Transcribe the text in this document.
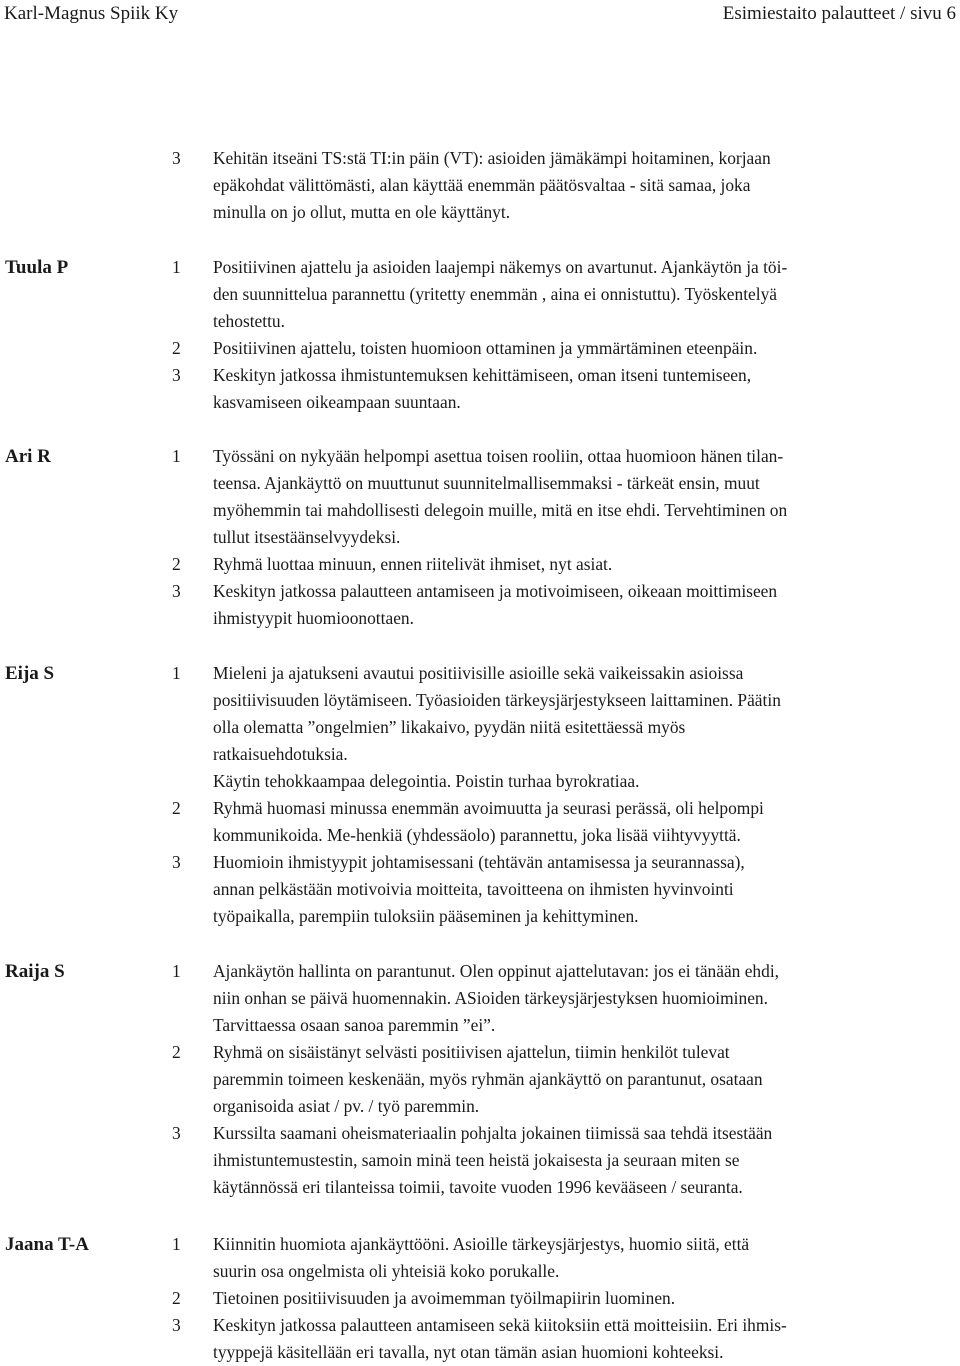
Karl-Magnus Spiik Ky	Esimiestaito palautteet / sivu 6
3	Kehitän itseäni TS:stä TI:in päin (VT): asioiden jämäkämpi hoitaminen, korjaan
epäkohdat välittömästi, alan käyttää enemmän päätösvaltaa - sitä samaa, joka
minulla on jo ollut, mutta en ole käyttänyt.
Tuula P	1	Positiivinen ajattelu ja asioiden laajempi näkemys on avartunut. Ajankäytön ja töi-
den suunnittelua parannettu (yritetty enemmän , aina ei onnistuttu). Työskentelyä
tehostettu.
2	Positiivinen ajattelu, toisten huomioon ottaminen ja ymmärtäminen eteenpäin.
3	Keskityn jatkossa ihmistuntemuksen kehittämiseen, oman itseni tuntemiseen,
kasvamiseen oikeampaan suuntaan.
Ari R	1	Työssäni on nykyään helpompi asettua toisen rooliin, ottaa huomioon hänen tilan-
teensa. Ajankäyttö on muuttunut suunnitelmallisemmaksi - tärkeät ensin, muut
myöhemmin tai mahdollisesti delegoin muille, mitä en itse ehdi. Tervehtiminen on
tullut itsestäänselvyydeksi.
2	Ryhmä luottaa minuun, ennen riitelivät ihmiset, nyt asiat.
3	Keskityn jatkossa palautteen antamiseen ja motivoimiseen, oikeaan moittimiseen
ihmistyypit huomioonottaen.
Eija S	1	Mieleni ja ajatukseni avautui positiivisille asioille sekä vaikeissakin asioissa
positiivisuuden löytämiseen. Työasioiden tärkeysjärjestykseen laittaminen. Päätin
olla olematta ”ongelmien” likakaivo, pyydän niitä esitettäessä myös
ratkaisuehdotuksia.
Käytin tehokkaampaa delegointia. Poistin turhaa byrokratiaa.
2	Ryhmä huomasi minussa enemmän avoimuutta ja seurasi perässä, oli helpompi
kommunikoida. Me-henkiä (yhdessäolo) parannettu, joka lisää viihtyvyyttä.
3	Huomioin ihmistyypit johtamisessani (tehtävän antamisessa ja seurannassa),
annan pelkästään motivoivia moitteita, tavoitteena on ihmisten hyvinvointi
työpaikalla, parempiin tuloksiin pääseminen ja kehittyminen.
Raija S	1	Ajankäytön hallinta on parantunut. Olen oppinut ajattelutavan: jos ei tänään ehdi,
niin onhan se päivä huomennakin. ASioiden tärkeysjärjestyksen huomioiminen.
Tarvittaessa osaan sanoa paremmin ”ei”.
2	Ryhmä on sisäistänyt selvästi positiivisen ajattelun, tiimin henkilöt tulevat
paremmin toimeen keskenään, myös ryhmän ajankäyttö on parantunut, osataan
organisoida asiat / pv. / työ paremmin.
3	Kurssilta saamani oheismateriaalin pohjalta jokainen tiimissä saa tehdä itsestään
ihmistuntemustestin, samoin minä teen heistä jokaisesta ja seuraan miten se
käytännössä eri tilanteissa toimii, tavoite vuoden 1996 kevääseen / seuranta.
Jaana T-A	1	Kiinnitin huomiota ajankäyttööni. Asioille tärkeysjärjestys, huomio siitä, että
suurin osa ongelmista oli yhteisiä koko porukalle.
2	Tietoinen positiivisuuden ja avoimemman työilmapiirin luominen.
3	Keskityn jatkossa palautteen antamiseen sekä kiitoksiin että moitteisiin. Eri ihmis-
tyyppejä käsitellään eri tavalla, nyt otan tämän asian huomioni kohteeksi.
